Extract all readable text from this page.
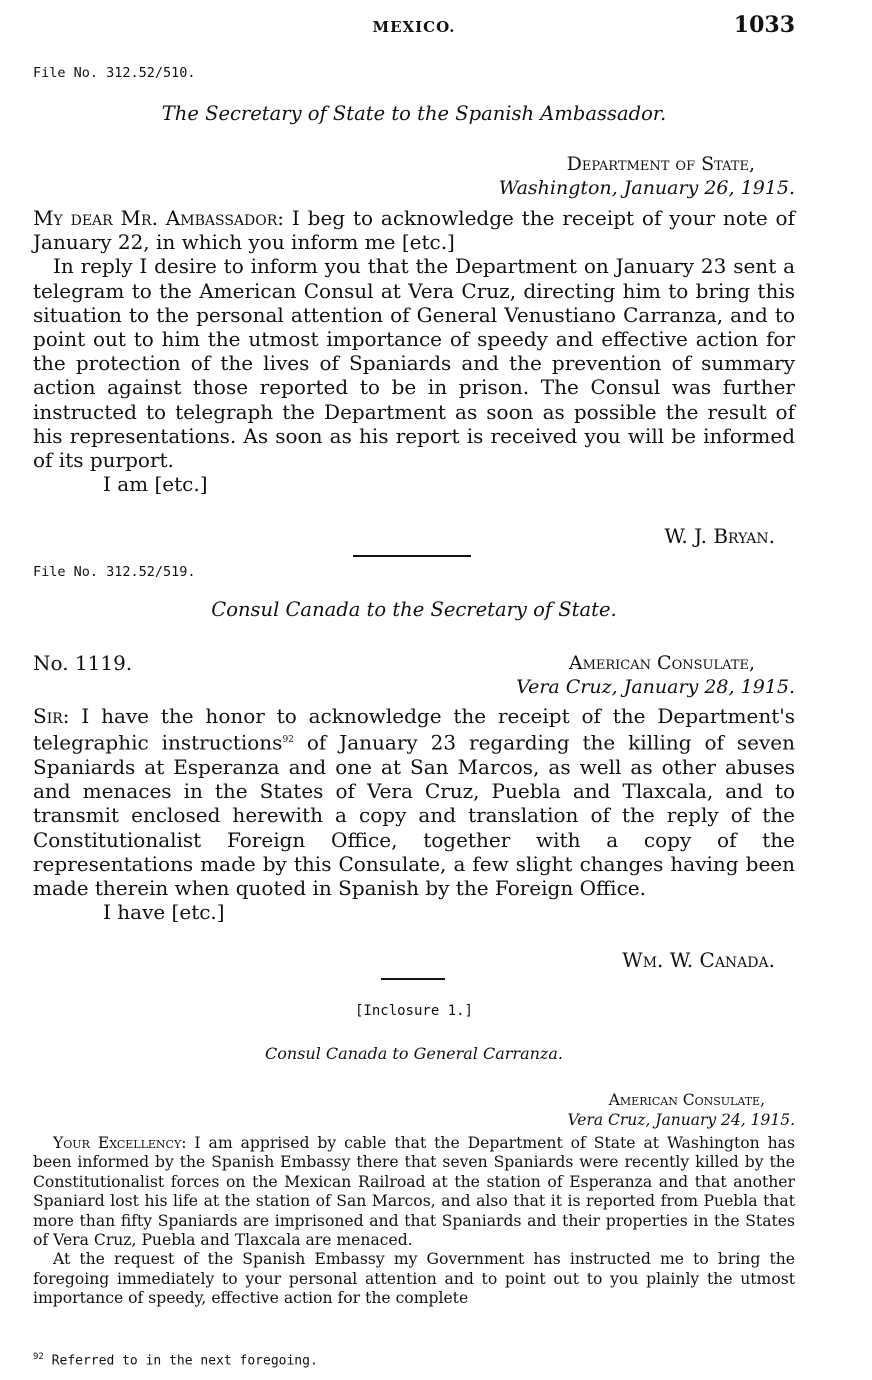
MEXICO.	1033
File No. 312.52/510.
The Secretary of State to the Spanish Ambassador.
Department of State,
Washington, January 26, 1915.

My dear Mr. Ambassador: I beg to acknowledge the receipt of your note of January 22, in which you inform me [etc.]

In reply I desire to inform you that the Department on January 23 sent a telegram to the American Consul at Vera Cruz, directing him to bring this situation to the personal attention of General Venustiano Carranza, and to point out to him the utmost importance of speedy and effective action for the protection of the lives of Spaniards and the prevention of summary action against those reported to be in prison. The Consul was further instructed to telegraph the Department as soon as possible the result of his representations. As soon as his report is received you will be informed of its purport.

I am [etc.]

W. J. Bryan.
File No. 312.52/519.
Consul Canada to the Secretary of State.
No. 1119.	American Consulate,
Vera Cruz, January 28, 1915.

Sir: I have the honor to acknowledge the receipt of the Department's telegraphic instructions$^{92}$ of January 23 regarding the killing of seven Spaniards at Esperanza and one at San Marcos, as well as other abuses and menaces in the States of Vera Cruz, Puebla and Tlaxcala, and to transmit enclosed herewith a copy and translation of the reply of the Constitutionalist Foreign Office, together with a copy of the representations made by this Consulate, a few slight changes having been made therein when quoted in Spanish by the Foreign Office.

I have [etc.]

Wm. W. Canada.
[Inclosure 1.]
Consul Canada to General Carranza.
American Consulate,
Vera Cruz, January 24, 1915.

Your Excellency: I am apprised by cable that the Department of State at Washington has been informed by the Spanish Embassy there that seven Spaniards were recently killed by the Constitutionalist forces on the Mexican Railroad at the station of Esperanza and that another Spaniard lost his life at the station of San Marcos, and also that it is reported from Puebla that more than fifty Spaniards are imprisoned and that Spaniards and their properties in the States of Vera Cruz, Puebla and Tlaxcala are menaced.

At the request of the Spanish Embassy my Government has instructed me to bring the foregoing immediately to your personal attention and to point out to you plainly the utmost importance of speedy, effective action for the complete

$^{92}$ Referred to in the next foregoing.
